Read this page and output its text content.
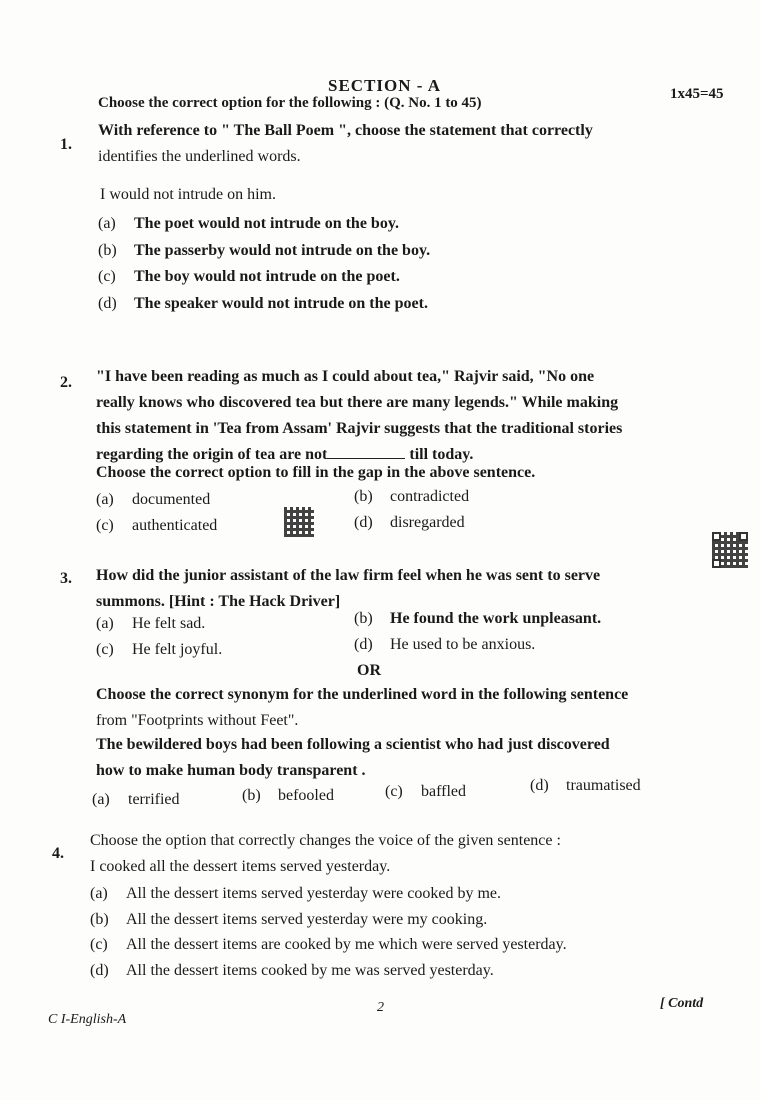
SECTION - A	1x45=45
Choose the correct option for the following : (Q. No. 1 to 45)
1.
With reference to " The Ball Poem ", choose the statement that correctly
identifies the underlined words.
I would not intrude on him.
(a) The poet would not intrude on the boy.
(b) The passerby would not intrude on the boy.
(c) The boy would not intrude on the poet.
(d) The speaker would not intrude on the poet.
2. "I have been reading as much as I could about tea," Rajvir said, "No one
really knows who discovered tea but there are many legends." While making
this statement in 'Tea from Assam' Rajvir suggests that the traditional stories
regarding the origin of tea are not	till today.
Choose the correct option to fill in the gap in the above sentence.
(a) documented	(b) contradicted
(c) authenticated	(d) disregarded
3. How did the junior assistant of the law firm feel when he was sent to serve
summons. [Hint : The Hack Driver]
(a) He felt sad.	(b) He found the work unpleasant.
(c) He felt joyful.	(d) He used to be anxious.
OR
Choose the correct synonym for the underlined word in the following sentence
from "Footprints without Feet".
The bewildered boys had been following a scientist who had just discovered
how to make human body transparent .
(a) terrified	(b) befooled	(c) baffled	(d) traumatised
4.
Choose the option that correctly changes the voice of the given sentence :
I cooked all the dessert items served yesterday.
(a) All the dessert items served yesterday were cooked by me.
(b) All the dessert items served yesterday were my cooking.
(c) All the dessert items are cooked by me which were served yesterday.
(d) All the dessert items cooked by me was served yesterday.
C I-English-A
2	[ Contd
